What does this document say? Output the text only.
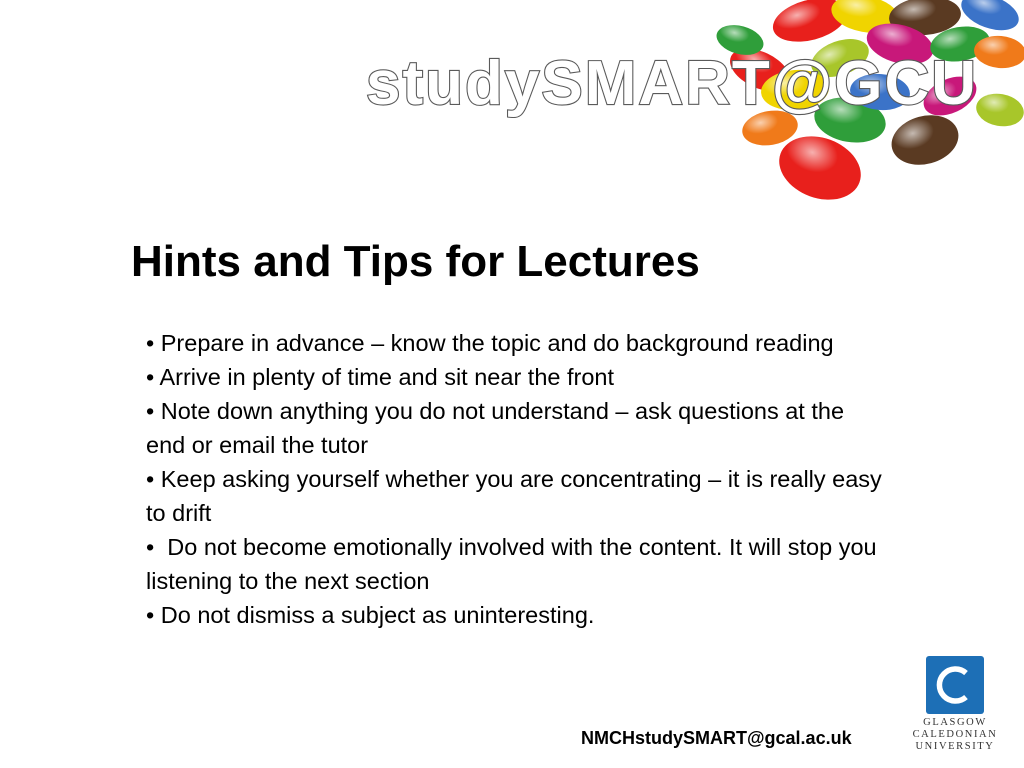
studySMART@GCU
Hints and Tips for Lectures
• Prepare in advance – know the topic and do background reading
• Arrive in plenty of time and sit near the front
• Note down anything you do not understand – ask questions at the end or email the tutor
• Keep asking yourself whether you are concentrating – it is really easy to drift
•  Do not become emotionally involved with the content. It will stop you listening to the next section
• Do not dismiss a subject as uninteresting.
NMCHstudySMART@gcal.ac.uk
GLASGOW
CALEDONIAN
UNIVERSITY
